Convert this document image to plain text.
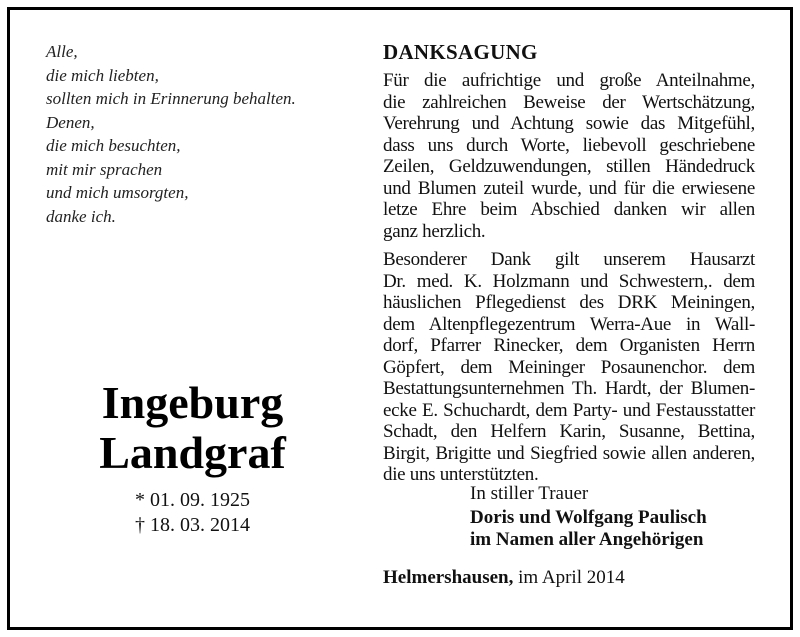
Alle,
die mich liebten,
sollten mich in Erinnerung behalten.
Denen,
die mich besuchten,
mit mir sprachen
und mich umsorgten,
danke ich.
Ingeburg
Landgraf
* 01. 09. 1925
† 18. 03. 2014
DANKSAGUNG
Für die aufrichtige und große Anteilnahme,
die zahlreichen Beweise der Wertschätzung,
Verehrung und Achtung sowie das Mitgefühl,
dass uns durch Worte, liebevoll geschriebene
Zeilen, Geldzuwendungen, stillen Händedruck
und Blumen zuteil wurde, und für die erwiesene
letze Ehre beim Abschied danken wir allen
ganz herzlich.
Besonderer Dank gilt unserem Hausarzt
Dr. med. K. Holzmann und Schwestern,. dem
häuslichen Pflegedienst des DRK Meiningen,
dem Altenpflegezentrum Werra-Aue in Wall-
dorf, Pfarrer Rinecker, dem Organisten Herrn
Göpfert, dem Meininger Posaunenchor. dem
Bestattungsunternehmen Th. Hardt, der Blumen-
ecke E. Schuchardt, dem Party- und Festausstatter
Schadt, den Helfern Karin, Susanne, Bettina,
Birgit, Brigitte und Siegfried sowie allen anderen,
die uns unterstützten.
In stiller Trauer
Doris und Wolfgang Paulisch
im Namen aller Angehörigen
Helmershausen, im April 2014
